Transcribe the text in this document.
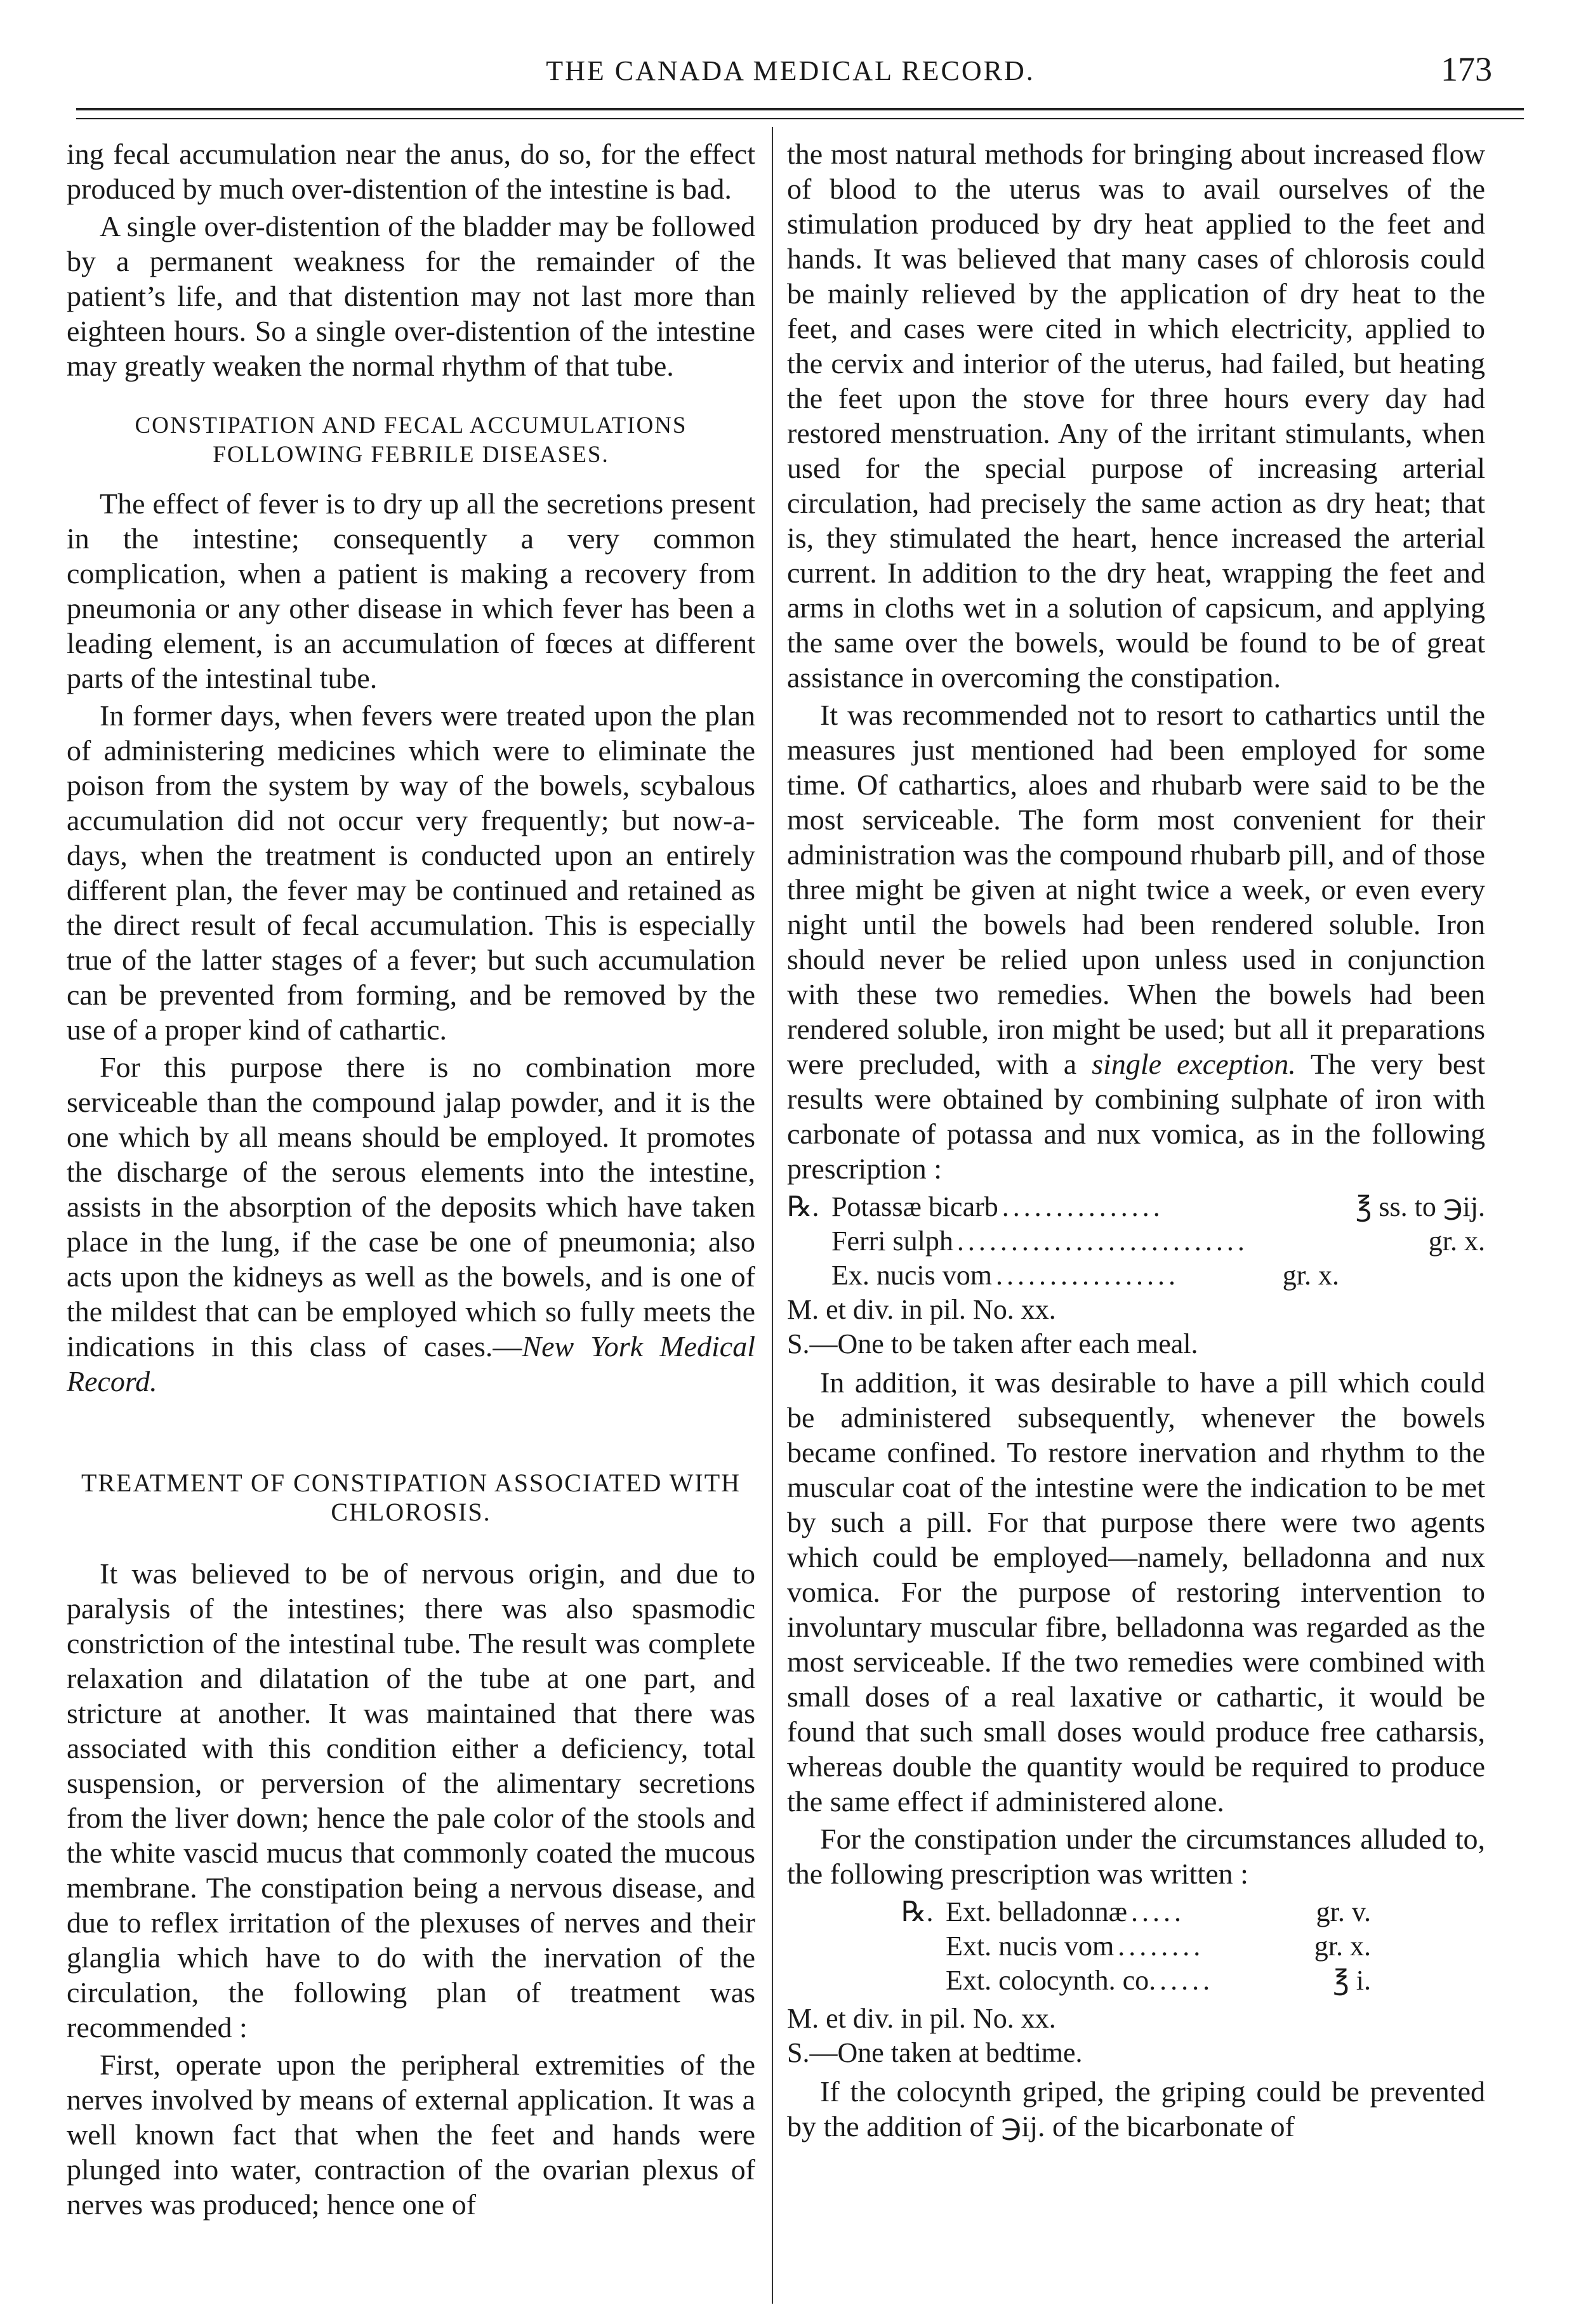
THE CANADA MEDICAL RECORD.	173

ing fecal accumulation near the anus, do so, for the effect produced by much over-distention of the intestine is bad.

A single over-distention of the bladder may be followed by a permanent weakness for the remainder of the patient’s life, and that distention may not last more than eighteen hours. So a single over-distention of the intestine may greatly weaken the normal rhythm of that tube.

CONSTIPATION AND FECAL ACCUMULATIONS FOLLOWING FEBRILE DISEASES.

The effect of fever is to dry up all the secretions present in the intestine; consequently a very common complication, when a patient is making a recovery from pneumonia or any other disease in which fever has been a leading element, is an accumulation of fœces at different parts of the intestinal tube.

In former days, when fevers were treated upon the plan of administering medicines which were to eliminate the poison from the system by way of the bowels, scybalous accumulation did not occur very frequently; but now-a-days, when the treatment is conducted upon an entirely different plan, the fever may be continued and retained as the direct result of fecal accumulation. This is especially true of the latter stages of a fever; but such accumulation can be prevented from forming, and be removed by the use of a proper kind of cathartic.

For this purpose there is no combination more serviceable than the compound jalap powder, and it is the one which by all means should be employed. It promotes the discharge of the serous elements into the intestine, assists in the absorption of the deposits which have taken place in the lung, if the case be one of pneumonia; also acts upon the kidneys as well as the bowels, and is one of the mildest that can be employed which so fully meets the indications in this class of cases.—New York Medical Record.

TREATMENT OF CONSTIPATION ASSOCIATED WITH CHLOROSIS.

It was believed to be of nervous origin, and due to paralysis of the intestines; there was also spasmodic constriction of the intestinal tube. The result was complete relaxation and dilatation of the tube at one part, and stricture at another. It was maintained that there was associated with this condition either a deficiency, total suspension, or perversion of the alimentary secretions from the liver down; hence the pale color of the stools and the white vascid mucus that commonly coated the mucous membrane. The constipation being a nervous disease, and due to reflex irritation of the plexuses of nerves and their glanglia which have to do with the inervation of the circulation, the following plan of treatment was recommended :

First, operate upon the peripheral extremities of the nerves involved by means of external application. It was a well known fact that when the feet and hands were plunged into water, contraction of the ovarian plexus of nerves was produced; hence one of

the most natural methods for bringing about increased flow of blood to the uterus was to avail ourselves of the stimulation produced by dry heat applied to the feet and hands. It was believed that many cases of chlorosis could be mainly relieved by the application of dry heat to the feet, and cases were cited in which electricity, applied to the cervix and interior of the uterus, had failed, but heating the feet upon the stove for three hours every day had restored menstruation. Any of the irritant stimulants, when used for the special purpose of increasing arterial circulation, had precisely the same action as dry heat; that is, they stimulated the heart, hence increased the arterial current. In addition to the dry heat, wrapping the feet and arms in cloths wet in a solution of capsicum, and applying the same over the bowels, would be found to be of great assistance in overcoming the constipation.

It was recommended not to resort to cathartics until the measures just mentioned had been employed for some time. Of cathartics, aloes and rhubarb were said to be the most serviceable. The form most convenient for their administration was the compound rhubarb pill, and of those three might be given at night twice a week, or even every night until the bowels had been rendered soluble. Iron should never be relied upon unless used in conjunction with these two remedies. When the bowels had been rendered soluble, iron might be used; but all it preparations were precluded, with a single exception. The very best results were obtained by combining sulphate of iron with carbonate of potassa and nux vomica, as in the following prescription :

℞. Potassæ bicarb ...............	℥ ss. to ℈ij.
Ferri sulph ...........................	gr. x.
Ex. nucis vom .................	gr. x.
M. et div. in pil. No. xx.
S.—One to be taken after each meal.

In addition, it was desirable to have a pill which could be administered subsequently, whenever the bowels became confined. To restore inervation and rhythm to the muscular coat of the intestine were the indication to be met by such a pill. For that purpose there were two agents which could be employed—namely, belladonna and nux vomica. For the purpose of restoring intervention to involuntary muscular fibre, belladonna was regarded as the most serviceable. If the two remedies were combined with small doses of a real laxative or cathartic, it would be found that such small doses would produce free catharsis, whereas double the quantity would be required to produce the same effect if administered alone.

For the constipation under the circumstances alluded to, the following prescription was written :

℞. Ext. belladonnæ .....	gr. v.
Ext. nucis vom ........	gr. x.
Ext. colocynth. co. .....	℥ i.
M. et div. in pil. No. xx.
S.—One taken at bedtime.

If the colocynth griped, the griping could be prevented by the addition of ℈ij. of the bicarbonate of
